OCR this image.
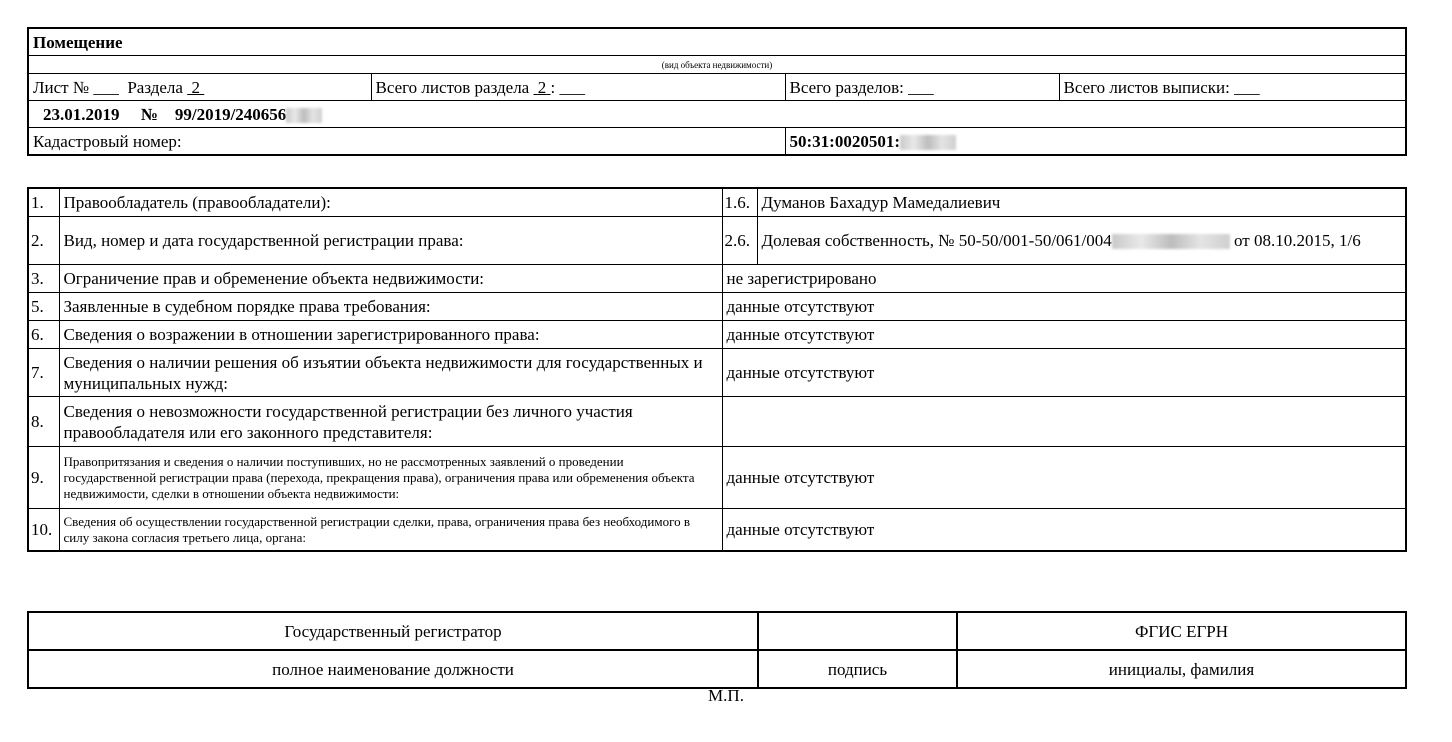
Помещение			
(вид объекта недвижимости)			
Лист № ___ Раздела 2	Всего листов раздела 2 : ___	Всего разделов: ___	Всего листов выписки: ___
23.01.2019 № 99/2019/240656			
Кадастровый номер:		50:31:0020501:	
1.	Правообладатель (правообладатели):	1.6.	Думанов Бахадур Мамедалиевич
2.	Вид, номер и дата государственной регистрации права:	2.6.	Долевая собственность, № 50-50/001-50/061/004 от 08.10.2015, 1/6
3.	Ограничение прав и обременение объекта недвижимости:	не зарегистрировано	
5.	Заявленные в судебном порядке права требования:	данные отсутствуют	
6.	Сведения о возражении в отношении зарегистрированного права:	данные отсутствуют	
7.	Сведения о наличии решения об изъятии объекта недвижимости для государственных и муниципальных нужд:	данные отсутствуют	
8.	Сведения о невозможности государственной регистрации без личного участия правообладателя или его законного представителя:		
9.	Правопритязания и сведения о наличии поступивших, но не рассмотренных заявлений о проведении государственной регистрации права (перехода, прекращения права), ограничения права или обременения объекта недвижимости, сделки в отношении объекта недвижимости:	данные отсутствуют	
10.	Сведения об осуществлении государственной регистрации сделки, права, ограничения права без необходимого в силу закона согласия третьего лица, органа:	данные отсутствуют	
Государственный регистратор		ФГИС ЕГРН
полное наименование должности	подпись	инициалы, фамилия
М.П.
